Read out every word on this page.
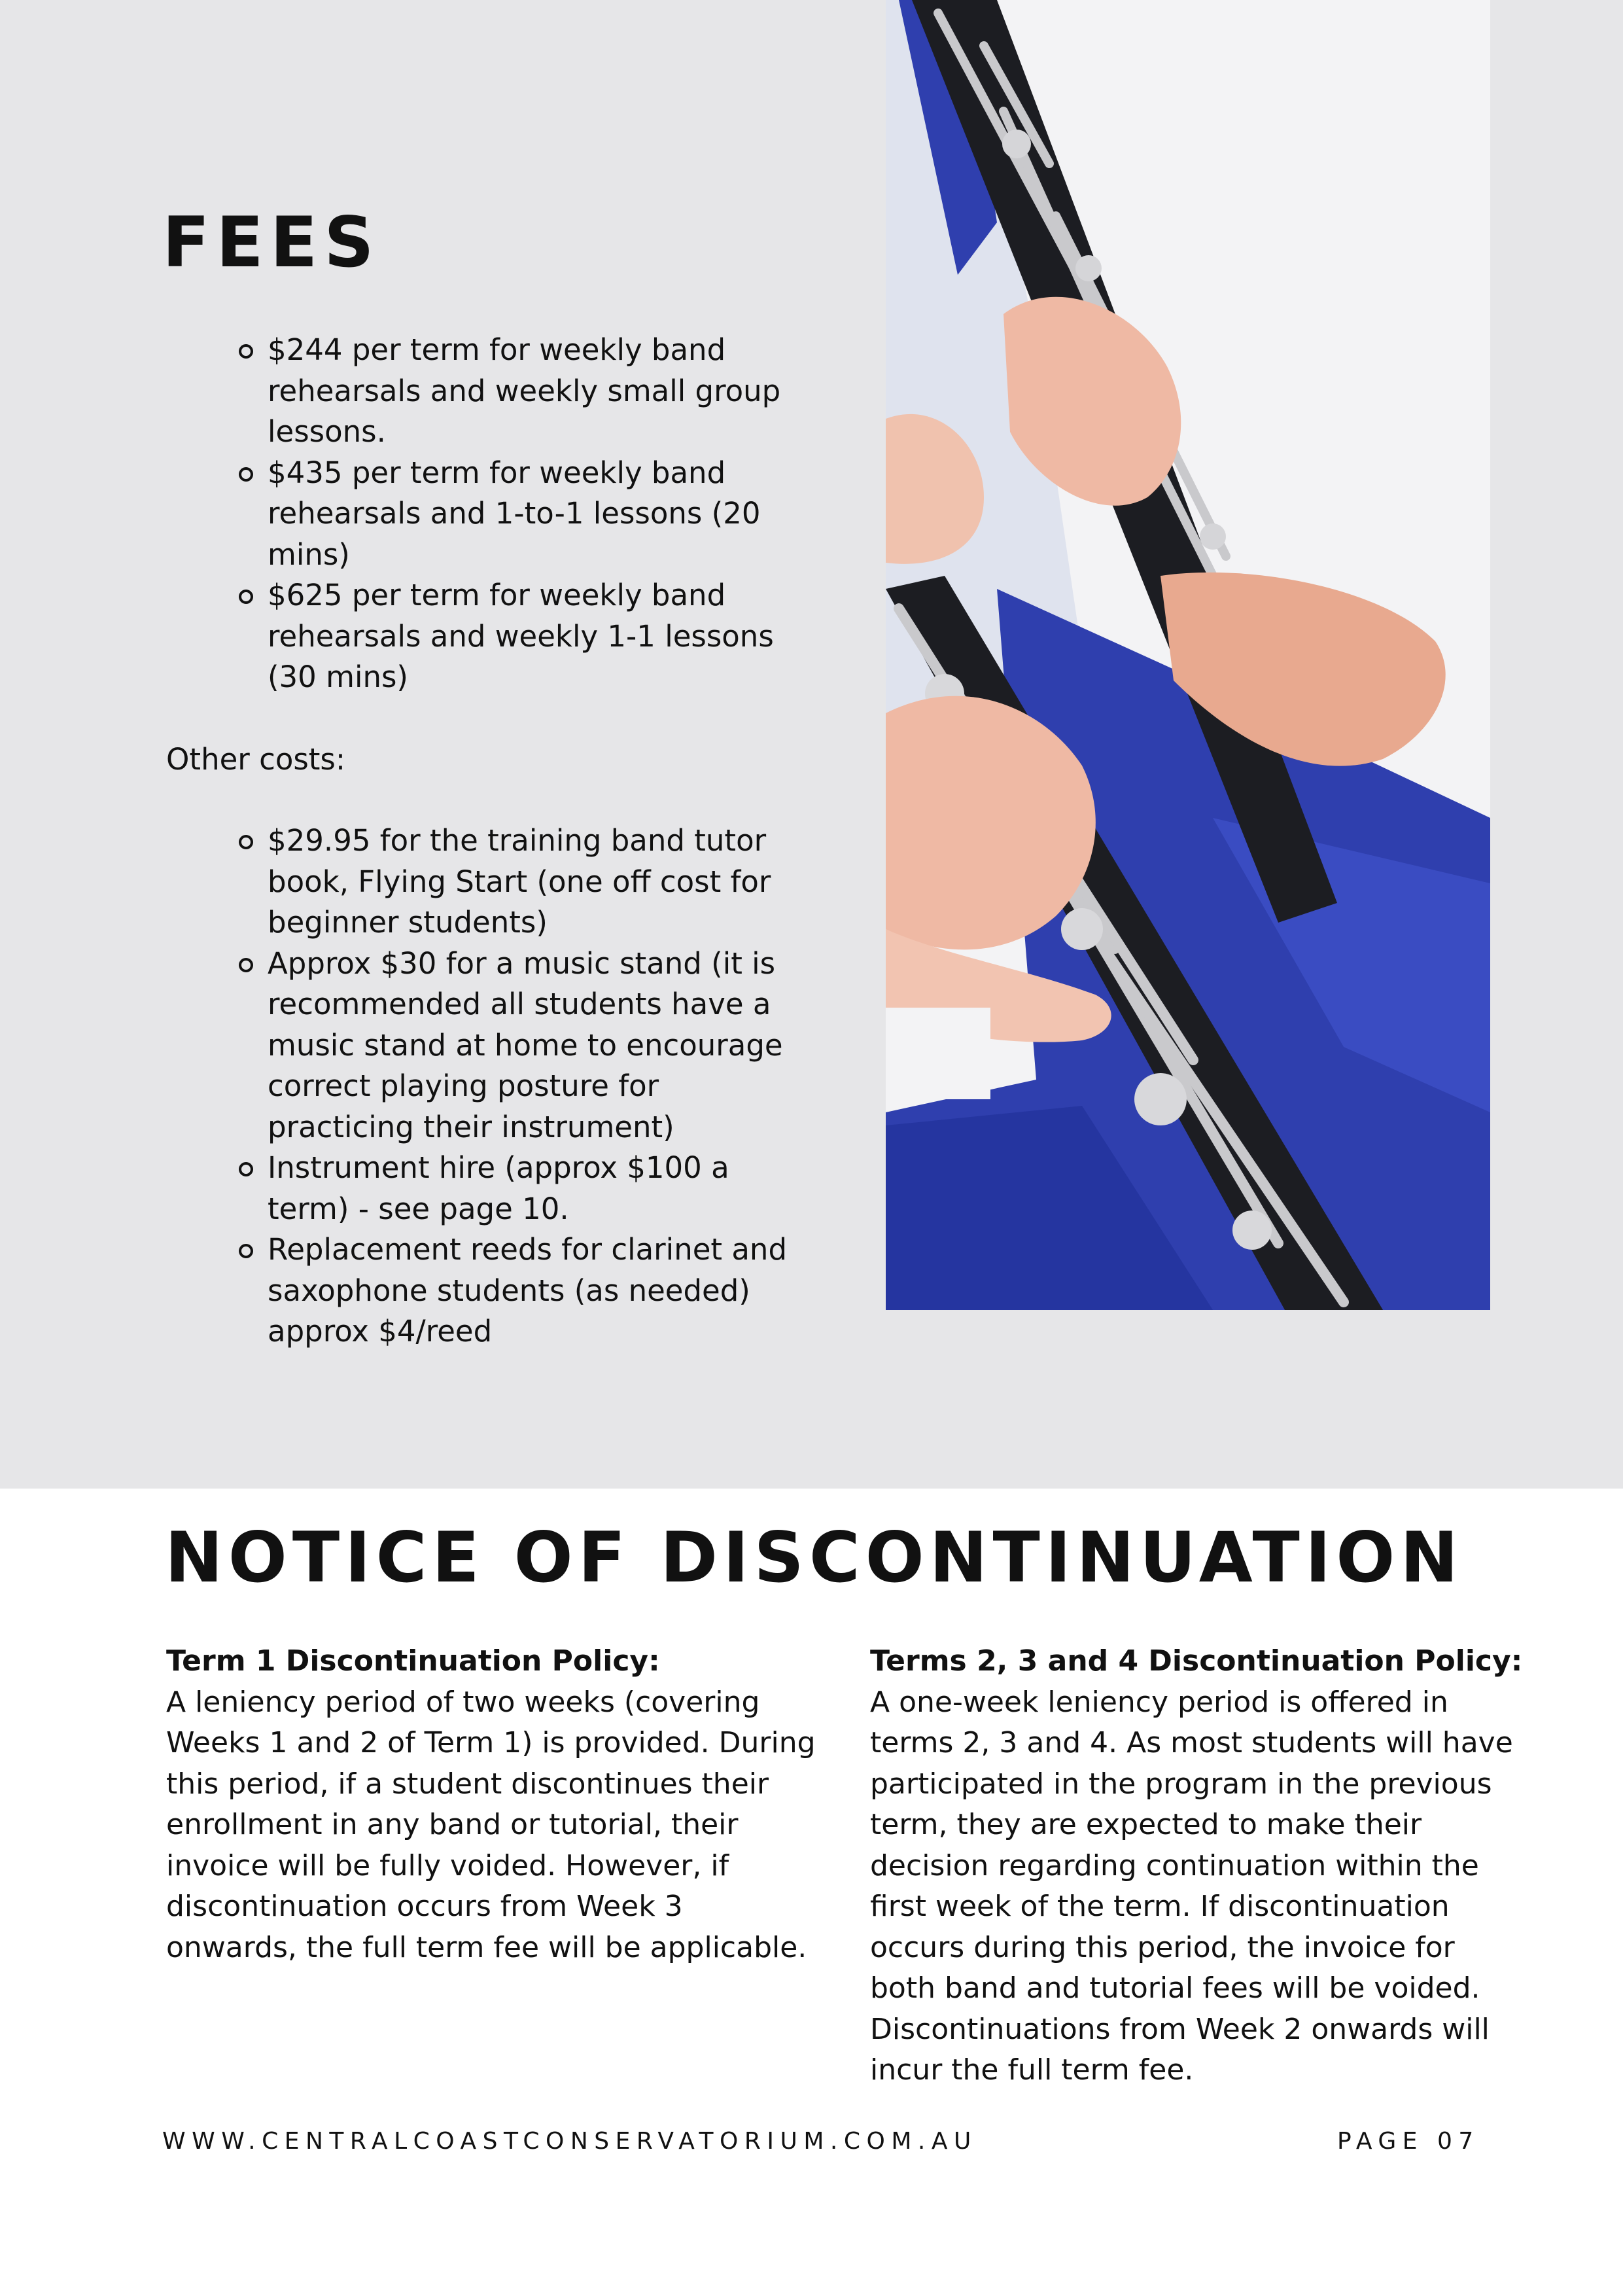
FEES
$244 per term for weekly band rehearsals and weekly small group lessons.
$435 per term for weekly band rehearsals and 1-to-1 lessons (20 mins)
$625 per term for weekly band rehearsals and weekly 1-1 lessons (30 mins)

Other costs:

$29.95 for the training band tutor book, Flying Start (one off cost for beginner students)
Approx $30 for a music stand (it is recommended all students have a music stand at home to encourage correct playing posture for practicing their instrument)
Instrument hire (approx $100 a term) - see page 10.
Replacement reeds for clarinet and saxophone students (as needed) approx $4/reed
NOTICE OF DISCONTINUATION
Term 1 Discontinuation Policy:

A leniency period of two weeks (covering Weeks 1 and 2 of Term 1) is provided. During this period, if a student discontinues their enrollment in any band or tutorial, their invoice will be fully voided. However, if discontinuation occurs from Week 3 onwards, the full term fee will be applicable.

Terms 2, 3 and 4 Discontinuation Policy:

A one-week leniency period is offered in terms 2, 3 and 4. As most students will have participated in the program in the previous term, they are expected to make their decision regarding continuation within the first week of the term. If discontinuation occurs during this period, the invoice for both band and tutorial fees will be voided. Discontinuations from Week 2 onwards will incur the full term fee.

WWW.CENTRALCOASTCONSERVATORIUM.COM.AU	PAGE 07
